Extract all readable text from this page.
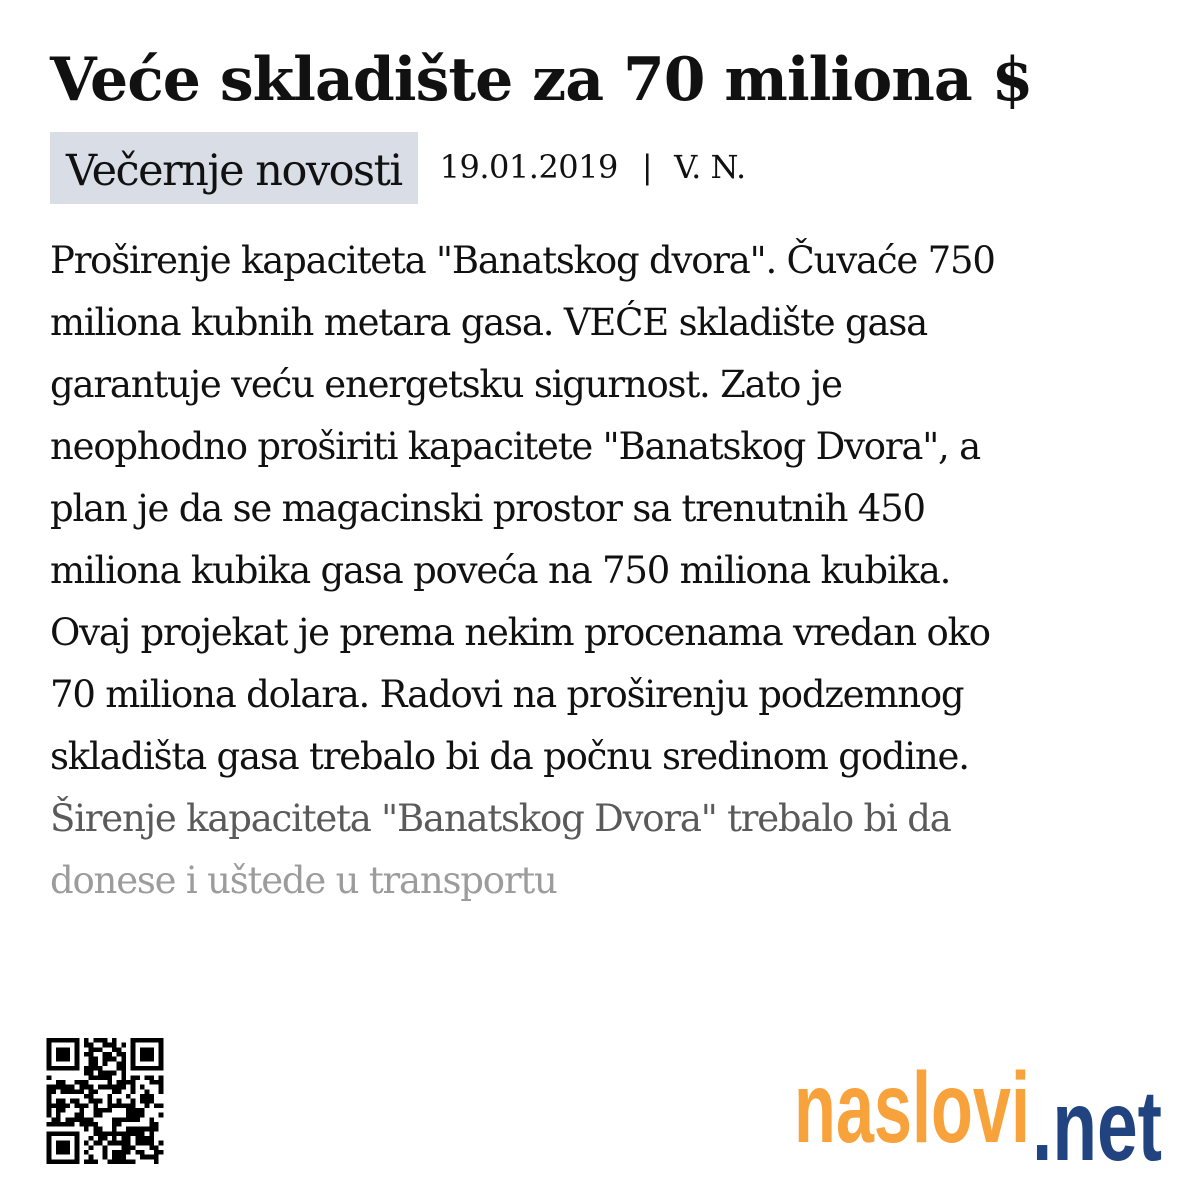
Veće skladište za 70 miliona $
Večernje novosti	19.01.2019 | V. N.

Proširenje kapaciteta "Banatskog dvora". Čuvaće 750

miliona kubnih metara gasa. VEĆE skladište gasa

garantuje veću energetsku sigurnost. Zato je

neophodno proširiti kapacitete "Banatskog Dvora", a

plan je da se magacinski prostor sa trenutnih 450

miliona kubika gasa poveća na 750 miliona kubika.

Ovaj projekat je prema nekim procenama vredan oko

70 miliona dolara. Radovi na proširenju podzemnog

skladišta gasa trebalo bi da počnu sredinom godine.

Širenje kapaciteta "Banatskog Dvora" trebalo bi da

donese i uštede u transportu

naslovi .net
